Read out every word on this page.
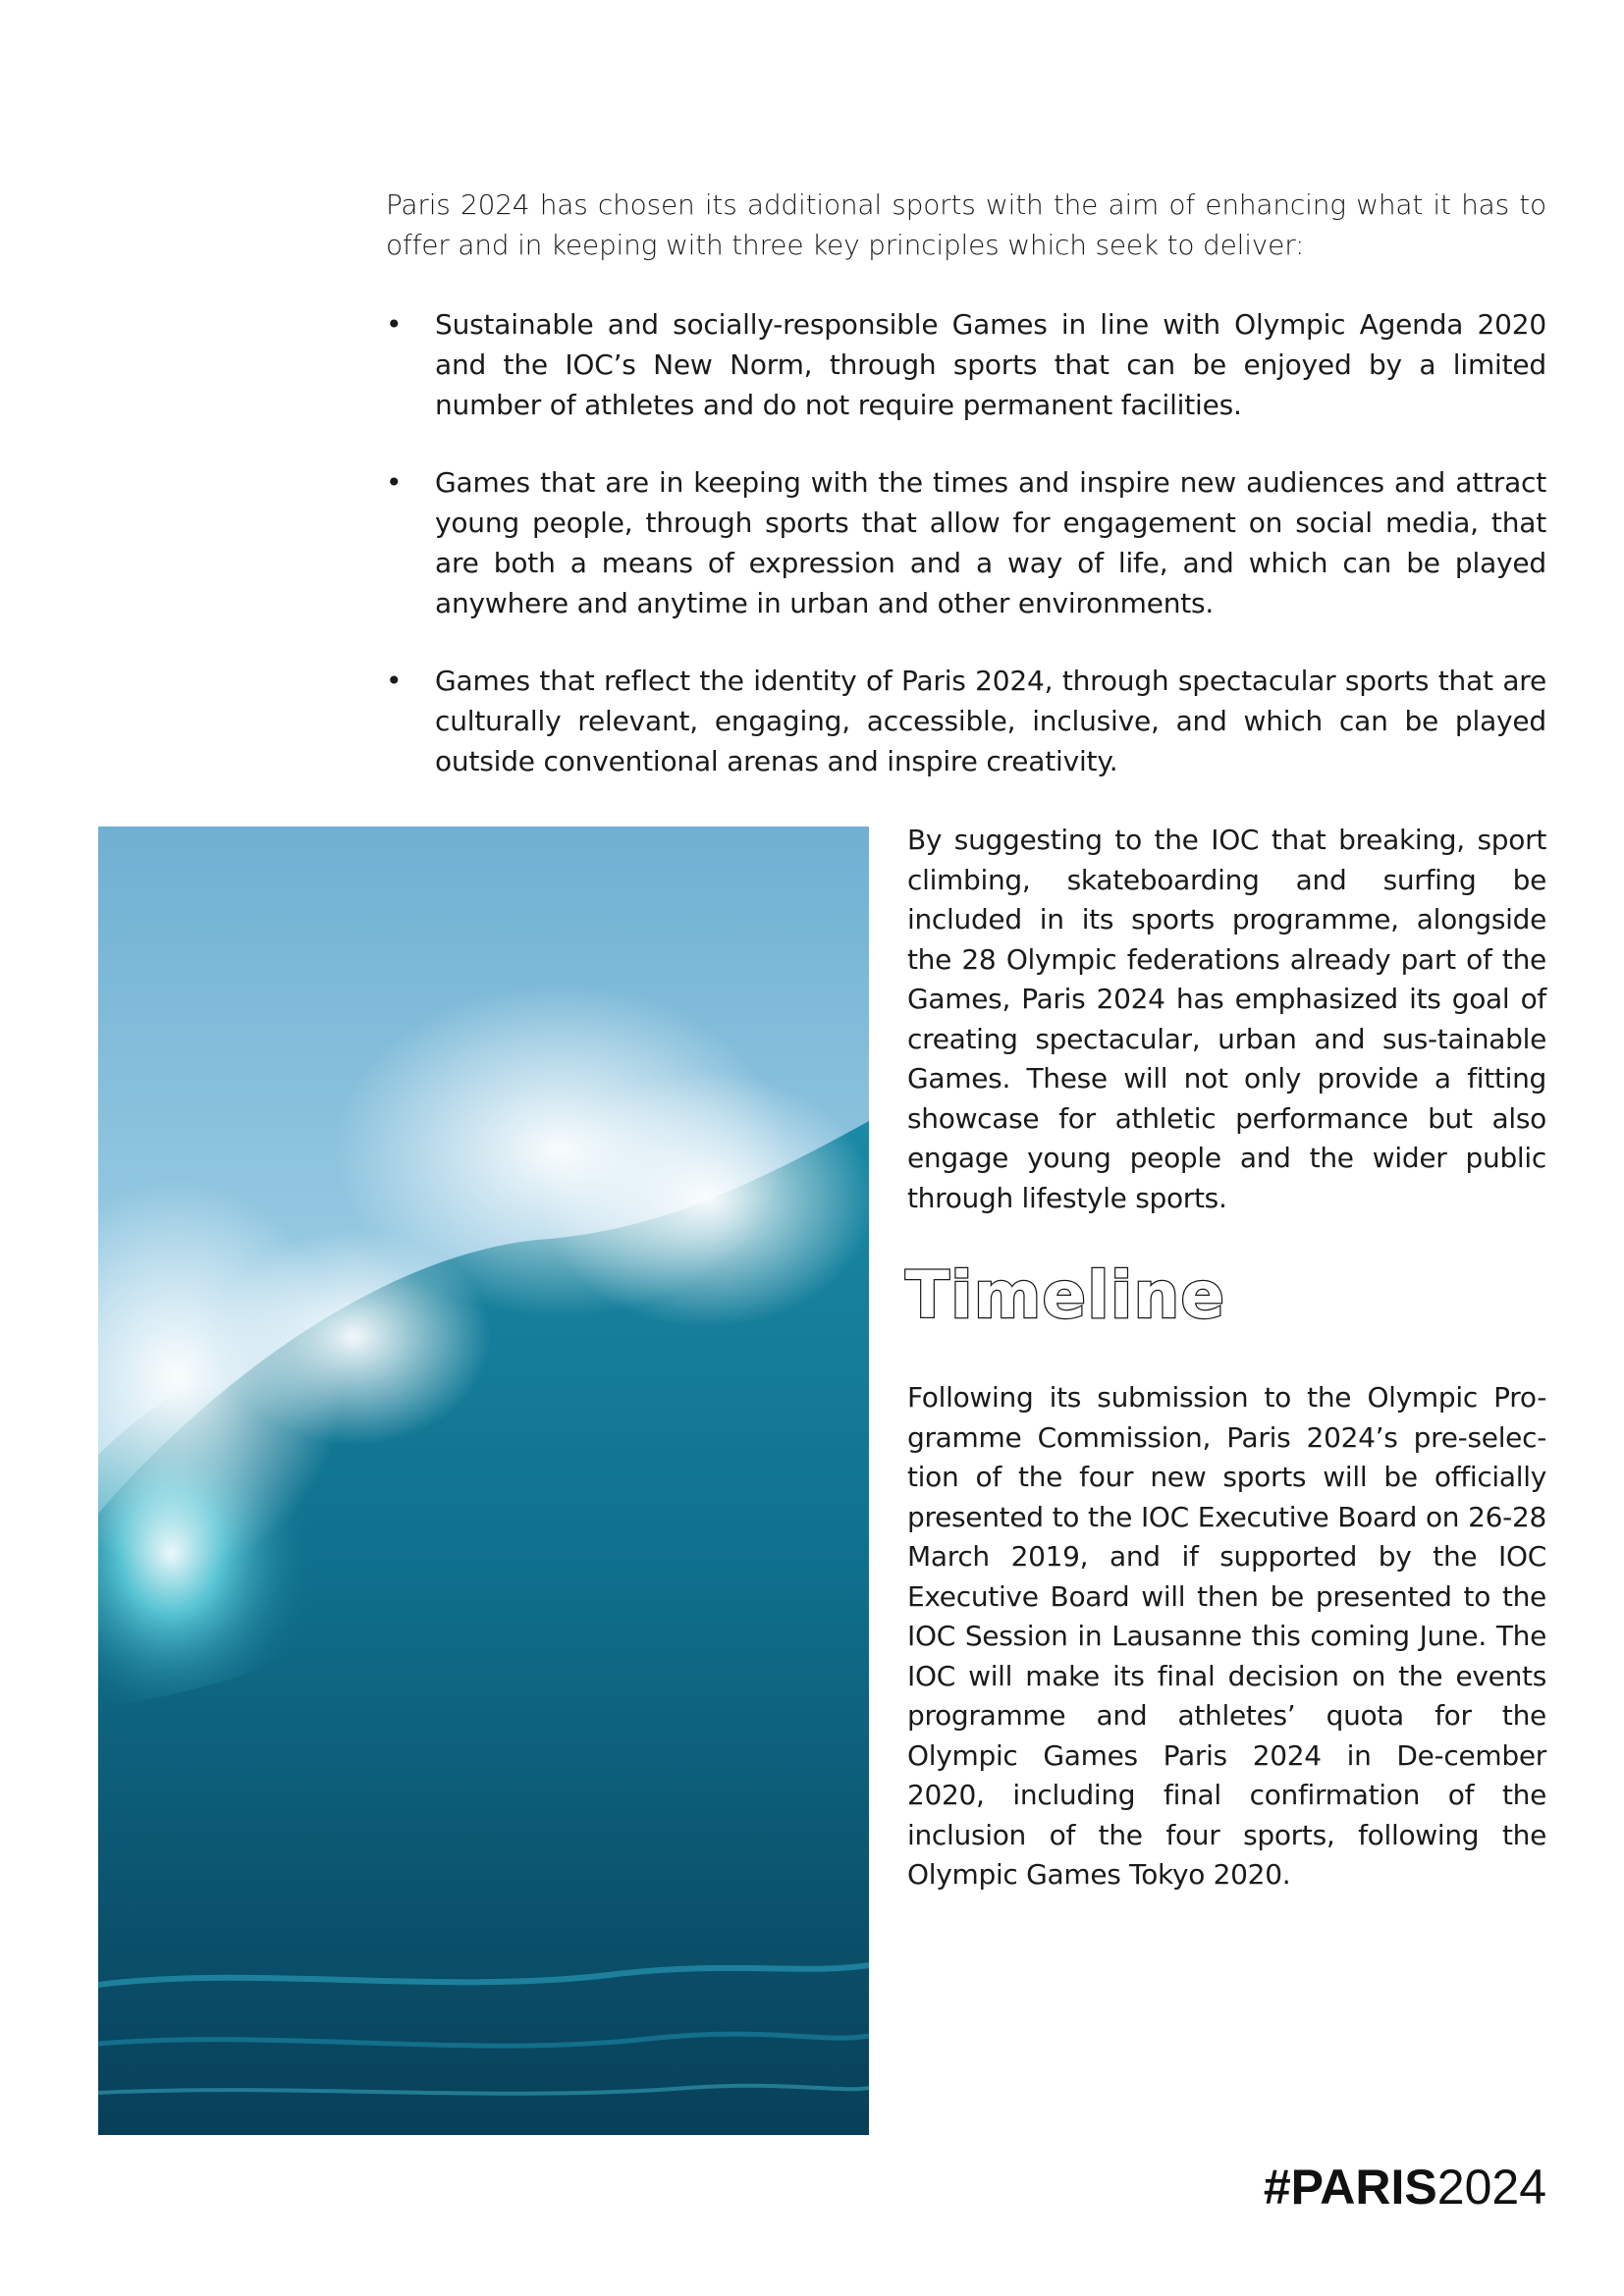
Paris 2024 has chosen its additional sports with the aim of enhancing what it has to offer and in keeping with three key principles which seek to deliver:

• Sustainable and socially-responsible Games in line with Olympic Agenda 2020 and the IOC’s New Norm, through sports that can be enjoyed by a limited number of athletes and do not require permanent facilities.
• Games that are in keeping with the times and inspire new audiences and attract young people, through sports that allow for engagement on social media, that are both a means of expression and a way of life, and which can be played anywhere and anytime in urban and other environments.
• Games that reflect the identity of Paris 2024, through spectacular sports that are culturally relevant, engaging, accessible, inclusive, and which can be played outside conventional arenas and inspire creativity.

By suggesting to the IOC that breaking, sport climbing, skateboarding and surfing be included in its sports programme, alongside the 28 Olympic federations already part of the Games, Paris 2024 has emphasized its goal of creating spectacular, urban and sus-tainable Games. These will not only provide a fitting showcase for athletic performance but also engage young people and the wider public through lifestyle sports.

Timeline

Following its submission to the Olympic Pro-gramme Commission, Paris 2024’s pre-selec-tion of the four new sports will be officially presented to the IOC Executive Board on 26-28 March 2019, and if supported by the IOC Executive Board will then be presented to the IOC Session in Lausanne this coming June. The IOC will make its final decision on the events programme and athletes’ quota for the Olympic Games Paris 2024 in De-cember 2020, including final confirmation of the inclusion of the four sports, following the Olympic Games Tokyo 2020.

#PARIS2024
